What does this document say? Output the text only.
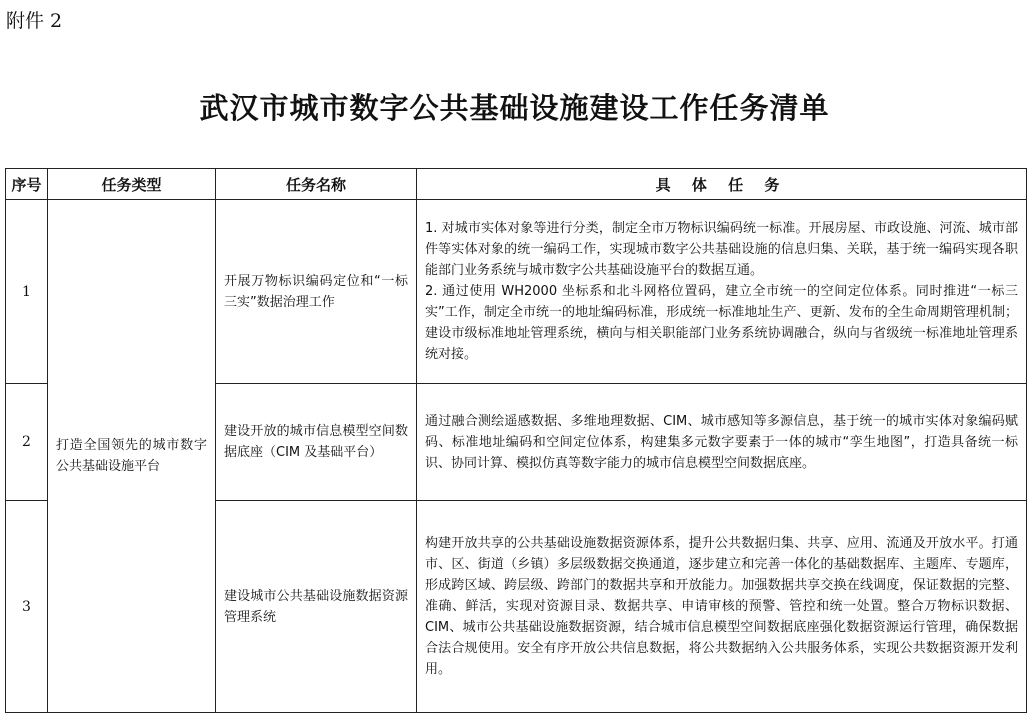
附件 2
武汉市城市数字公共基础设施建设工作任务清单
序号	任务类型	任务名称	具 体 任 务
1	打造全国领先的城市数字公共基础设施平台	开展万物标识编码定位和“一标三实”数据治理工作	1. 对城市实体对象等进行分类，制定全市万物标识编码统一标准。开展房屋、市政设施、河流、城市部件等实体对象的统一编码工作，实现城市数字公共基础设施的信息归集、关联，基于统一编码实现各职能部门业务系统与城市数字公共基础设施平台的数据互通。
2. 通过使用 WH2000 坐标系和北斗网格位置码，建立全市统一的空间定位体系。同时推进“一标三实”工作，制定全市统一的地址编码标准，形成统一标准地址生产、更新、发布的全生命周期管理机制；建设市级标准地址管理系统，横向与相关职能部门业务系统协调融合，纵向与省级统一标准地址管理系统对接。

2		建设开放的城市信息模型空间数据底座（CIM 及基础平台）	通过融合测绘遥感数据、多维地理数据、CIM、城市感知等多源信息，基于统一的城市实体对象编码赋码、标准地址编码和空间定位体系，构建集多元数字要素于一体的城市“孪生地图”，打造具备统一标识、协同计算、模拟仿真等数字能力的城市信息模型空间数据底座。

3		建设城市公共基础设施数据资源管理系统	构建开放共享的公共基础设施数据资源体系，提升公共数据归集、共享、应用、流通及开放水平。打通市、区、街道（乡镇）多层级数据交换通道，逐步建立和完善一体化的基础数据库、主题库、专题库，形成跨区域、跨层级、跨部门的数据共享和开放能力。加强数据共享交换在线调度，保证数据的完整、准确、鲜活，实现对资源目录、数据共享、申请审核的预警、管控和统一处置。整合万物标识数据、CIM、城市公共基础设施数据资源，结合城市信息模型空间数据底座强化数据资源运行管理，确保数据合法合规使用。安全有序开放公共信息数据，将公共数据纳入公共服务体系，实现公共数据资源开发利用。
